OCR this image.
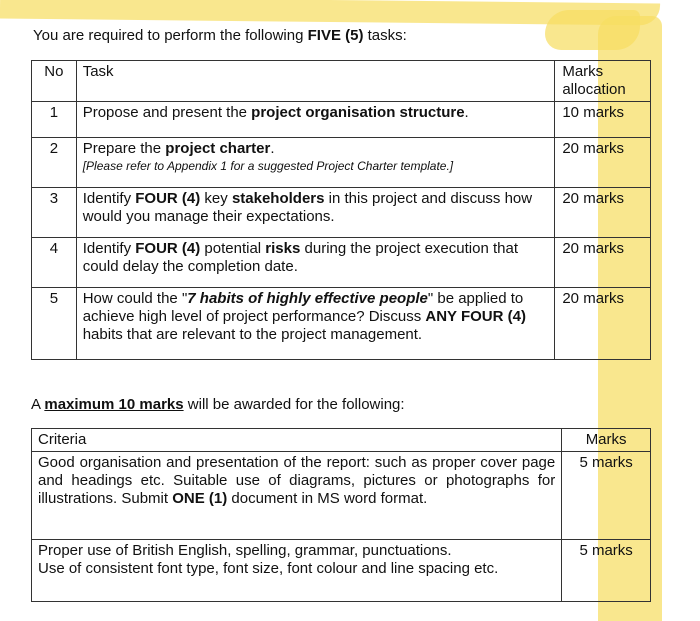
You are required to perform the following FIVE (5) tasks:
No	Task	Marks allocation
1	Propose and present the project organisation structure.	10 marks
2	Prepare the project charter.
[Please refer to Appendix 1 for a suggested Project Charter template.]	20 marks
3	Identify FOUR (4) key stakeholders in this project and discuss how would you manage their expectations.	20 marks
4	Identify FOUR (4) potential risks during the project execution that could delay the completion date.	20 marks
5	How could the "7 habits of highly effective people" be applied to achieve high level of project performance? Discuss ANY FOUR (4) habits that are relevant to the project management.	20 marks
A maximum 10 marks will be awarded for the following:
Criteria	Marks
Good organisation and presentation of the report: such as proper cover page and headings etc. Suitable use of diagrams, pictures or photographs for illustrations. Submit ONE (1) document in MS word format.	5 marks
Proper use of British English, spelling, grammar, punctuations.
Use of consistent font type, font size, font colour and line spacing etc.	5 marks
